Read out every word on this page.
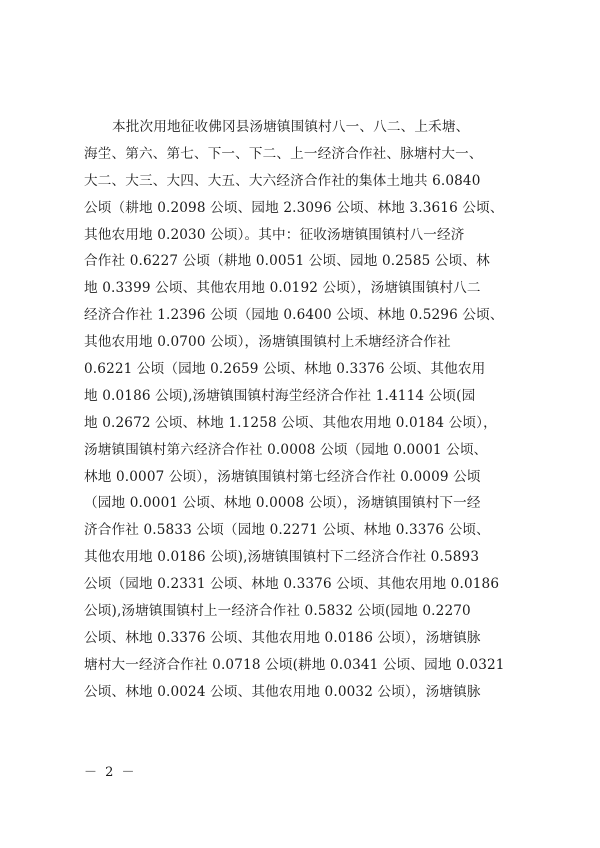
本批次用地征收佛冈县汤塘镇围镇村八一、八二、上禾塘、
海坣、第六、第七、下一、下二、上一经济合作社、脉塘村大一、
大二、大三、大四、大五、大六经济合作社的集体土地共 6.0840
公顷（耕地 0.2098 公顷、园地 2.3096 公顷、林地 3.3616 公顷、
其他农用地 0.2030 公顷）。其中：征收汤塘镇围镇村八一经济
合作社 0.6227 公顷（耕地 0.0051 公顷、园地 0.2585 公顷、林
地 0.3399 公顷、其他农用地 0.0192 公顷），汤塘镇围镇村八二
经济合作社 1.2396 公顷（园地 0.6400 公顷、林地 0.5296 公顷、
其他农用地 0.0700 公顷），汤塘镇围镇村上禾塘经济合作社
0.6221 公顷（园地 0.2659 公顷、林地 0.3376 公顷、其他农用
地 0.0186 公顷),汤塘镇围镇村海坣经济合作社 1.4114 公顷(园
地 0.2672 公顷、林地 1.1258 公顷、其他农用地 0.0184 公顷），
汤塘镇围镇村第六经济合作社 0.0008 公顷（园地 0.0001 公顷、
林地 0.0007 公顷），汤塘镇围镇村第七经济合作社 0.0009 公顷
（园地 0.0001 公顷、林地 0.0008 公顷），汤塘镇围镇村下一经
济合作社 0.5833 公顷（园地 0.2271 公顷、林地 0.3376 公顷、
其他农用地 0.0186 公顷),汤塘镇围镇村下二经济合作社 0.5893
公顷（园地 0.2331 公顷、林地 0.3376 公顷、其他农用地 0.0186
公顷),汤塘镇围镇村上一经济合作社 0.5832 公顷(园地 0.2270
公顷、林地 0.3376 公顷、其他农用地 0.0186 公顷），汤塘镇脉
塘村大一经济合作社 0.0718 公顷(耕地 0.0341 公顷、园地 0.0321
公顷、林地 0.0024 公顷、其他农用地 0.0032 公顷），汤塘镇脉
－ 2 －
